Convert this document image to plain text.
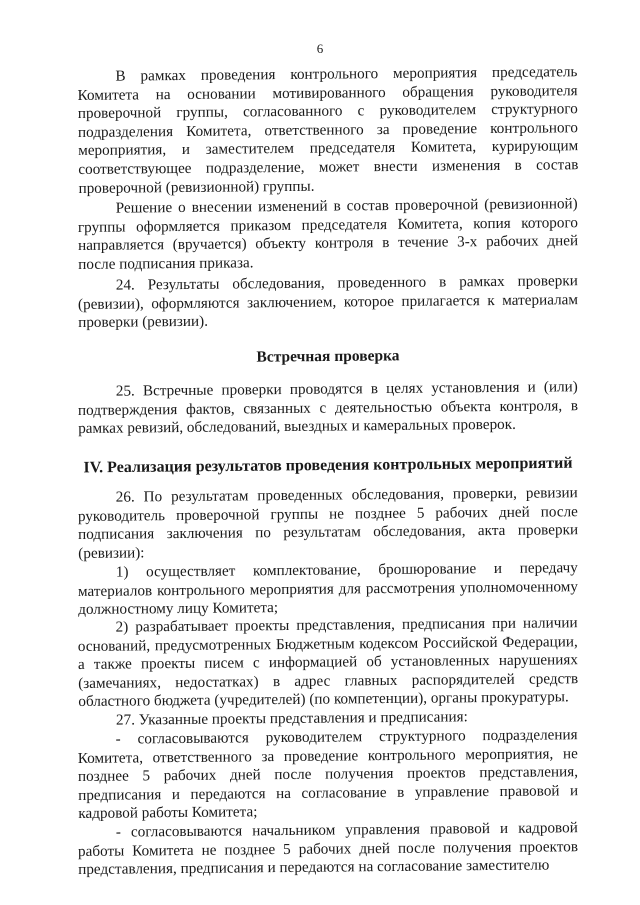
6

В рамках проведения контрольного мероприятия председатель Комитета на основании мотивированного обращения руководителя проверочной группы, согласованного с руководителем структурного подразделения Комитета, ответственного за проведение контрольного мероприятия, и заместителем председателя Комитета, курирующим соответствующее подразделение, может внести изменения в состав проверочной (ревизионной) группы.

Решение о внесении изменений в состав проверочной (ревизионной) группы оформляется приказом председателя Комитета, копия которого направляется (вручается) объекту контроля в течение 3-х рабочих дней после подписания приказа.

24. Результаты обследования, проведенного в рамках проверки (ревизии), оформляются заключением, которое прилагается к материалам проверки (ревизии).

Встречная проверка

25. Встречные проверки проводятся в целях установления и (или) подтверждения фактов, связанных с деятельностью объекта контроля, в рамках ревизий, обследований, выездных и камеральных проверок.

IV. Реализация результатов проведения контрольных мероприятий

26. По результатам проведенных обследования, проверки, ревизии руководитель проверочной группы не позднее 5 рабочих дней после подписания заключения по результатам обследования, акта проверки (ревизии):

1) осуществляет комплектование, брошюрование и передачу материалов контрольного мероприятия для рассмотрения уполномоченному должностному лицу Комитета;

2) разрабатывает проекты представления, предписания при наличии оснований, предусмотренных Бюджетным кодексом Российской Федерации, а также проекты писем с информацией об установленных нарушениях (замечаниях, недостатках) в адрес главных распорядителей средств областного бюджета (учредителей) (по компетенции), органы прокуратуры.

27. Указанные проекты представления и предписания:

- согласовываются руководителем структурного подразделения Комитета, ответственного за проведение контрольного мероприятия, не позднее 5 рабочих дней после получения проектов представления, предписания и передаются на согласование в управление правовой и кадровой работы Комитета;

- согласовываются начальником управления правовой и кадровой работы Комитета не позднее 5 рабочих дней после получения проектов представления, предписания и передаются на согласование заместителю
